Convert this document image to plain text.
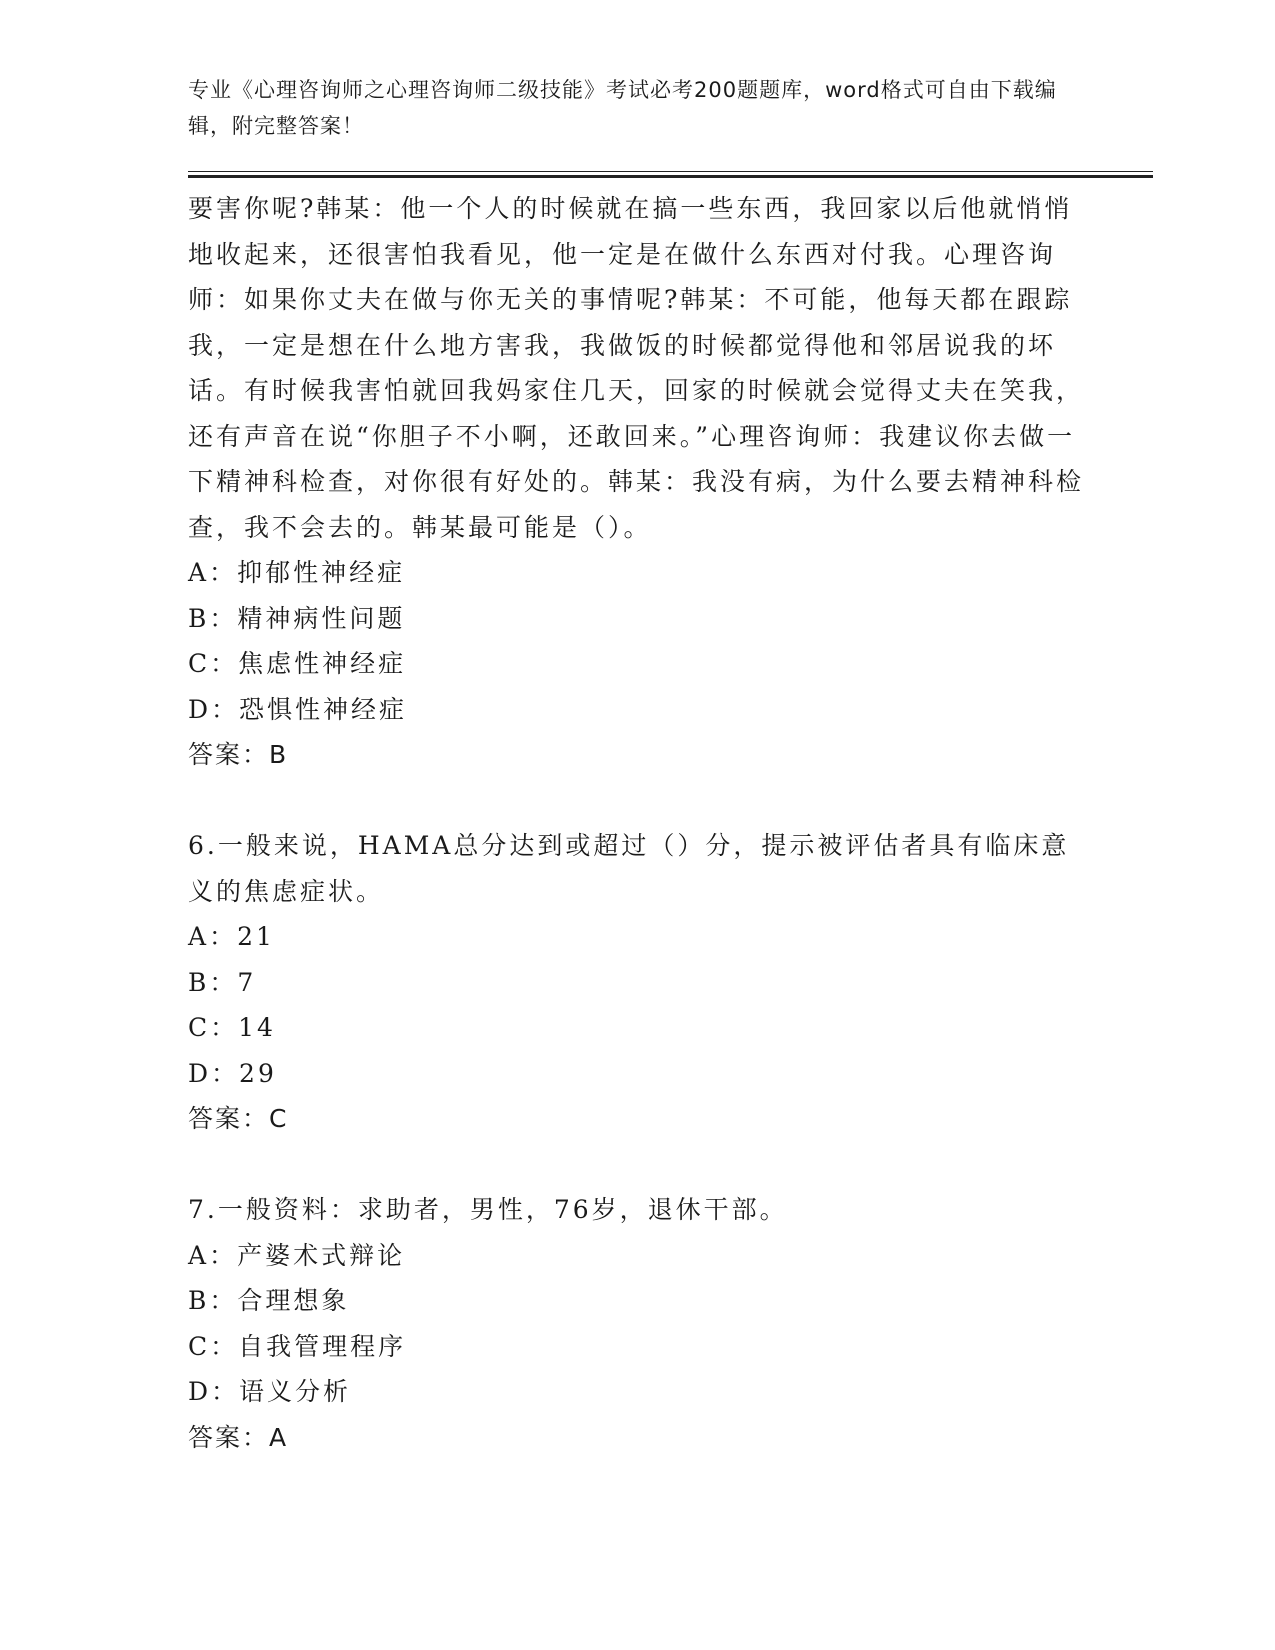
专业《心理咨询师之心理咨询师二级技能》考试必考200题题库，word格式可自由下载编辑，附完整答案！

要害你呢?韩某：他一个人的时候就在搞一些东西，我回家以后他就悄悄地收起来，还很害怕我看见，他一定是在做什么东西对付我。心理咨询师：如果你丈夫在做与你无关的事情呢?韩某：不可能，他每天都在跟踪我，一定是想在什么地方害我，我做饭的时候都觉得他和邻居说我的坏话。有时候我害怕就回我妈家住几天，回家的时候就会觉得丈夫在笑我，还有声音在说“你胆子不小啊，还敢回来。”心理咨询师：我建议你去做一下精神科检查，对你很有好处的。韩某：我没有病，为什么要去精神科检查，我不会去的。韩某最可能是（）。

A：抑郁性神经症

B：精神病性问题

C：焦虑性神经症

D：恐惧性神经症

答案：B

6.一般来说，HAMA总分达到或超过（）分，提示被评估者具有临床意义的焦虑症状。

A：21

B：7

C：14

D：29

答案：C

7.一般资料：求助者，男性，76岁，退休干部。

A：产婆术式辩论

B：合理想象

C：自我管理程序

D：语义分析

答案：A
